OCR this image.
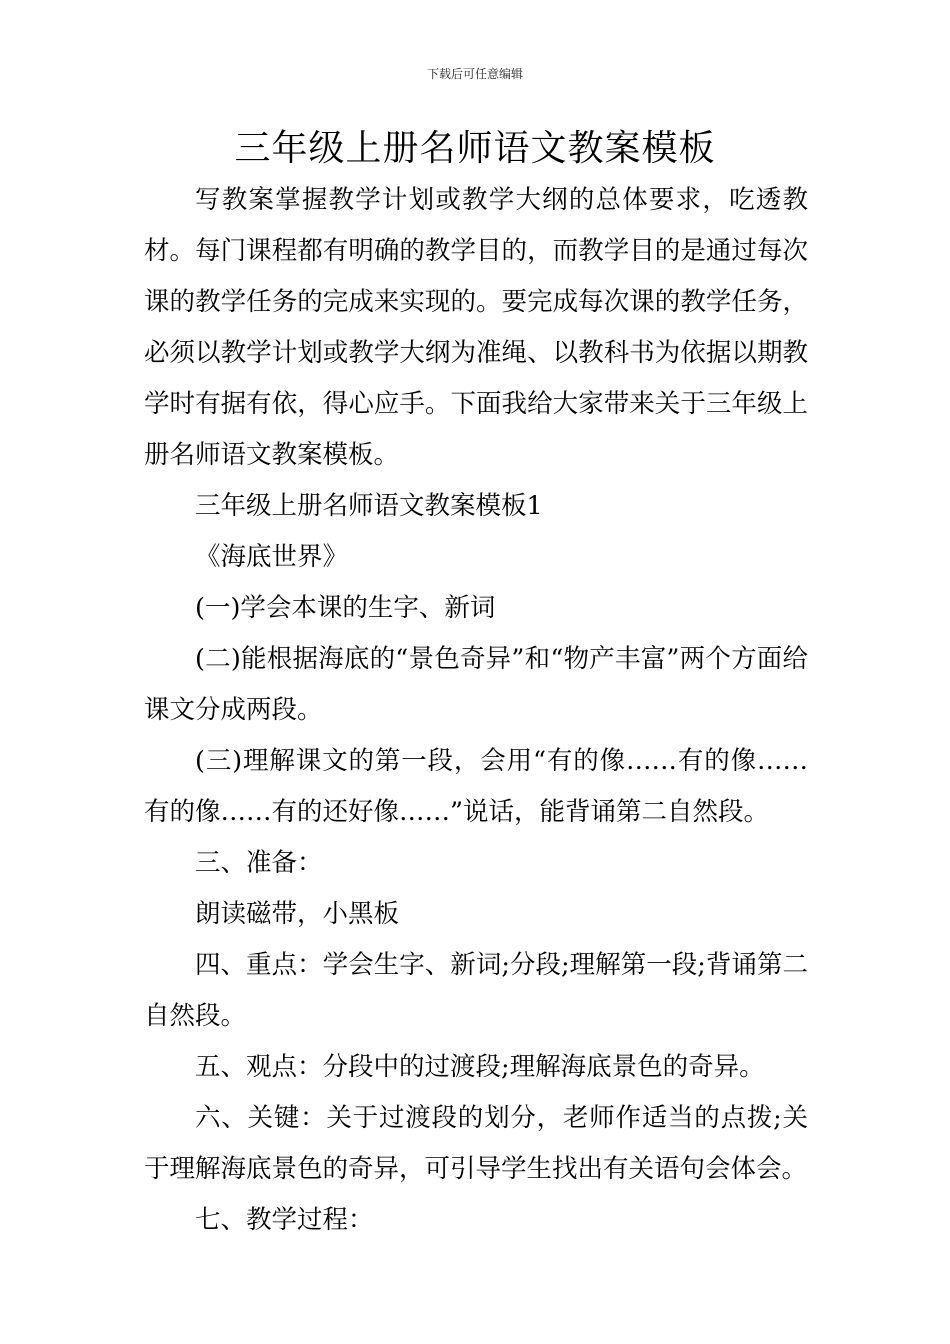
下载后可任意编辑
三年级上册名师语文教案模板

写教案掌握教学计划或教学大纲的总体要求，吃透教材。每门课程都有明确的教学目的，而教学目的是通过每次课的教学任务的完成来实现的。要完成每次课的教学任务，必须以教学计划或教学大纲为准绳、以教科书为依据以期教学时有据有依，得心应手。下面我给大家带来关于三年级上册名师语文教案模板。

三年级上册名师语文教案模板1

《海底世界》

(一)学会本课的生字、新词

(二)能根据海底的“景色奇异”和“物产丰富”两个方面给课文分成两段。

(三)理解课文的第一段，会用“有的像……有的像……有的像……有的还好像……”说话，能背诵第二自然段。

三、准备：

朗读磁带，小黑板

四、重点：学会生字、新词;分段;理解第一段;背诵第二自然段。

五、观点：分段中的过渡段;理解海底景色的奇异。

六、关键：关于过渡段的划分，老师作适当的点拨;关于理解海底景色的奇异，可引导学生找出有关语句会体会。

七、教学过程：
